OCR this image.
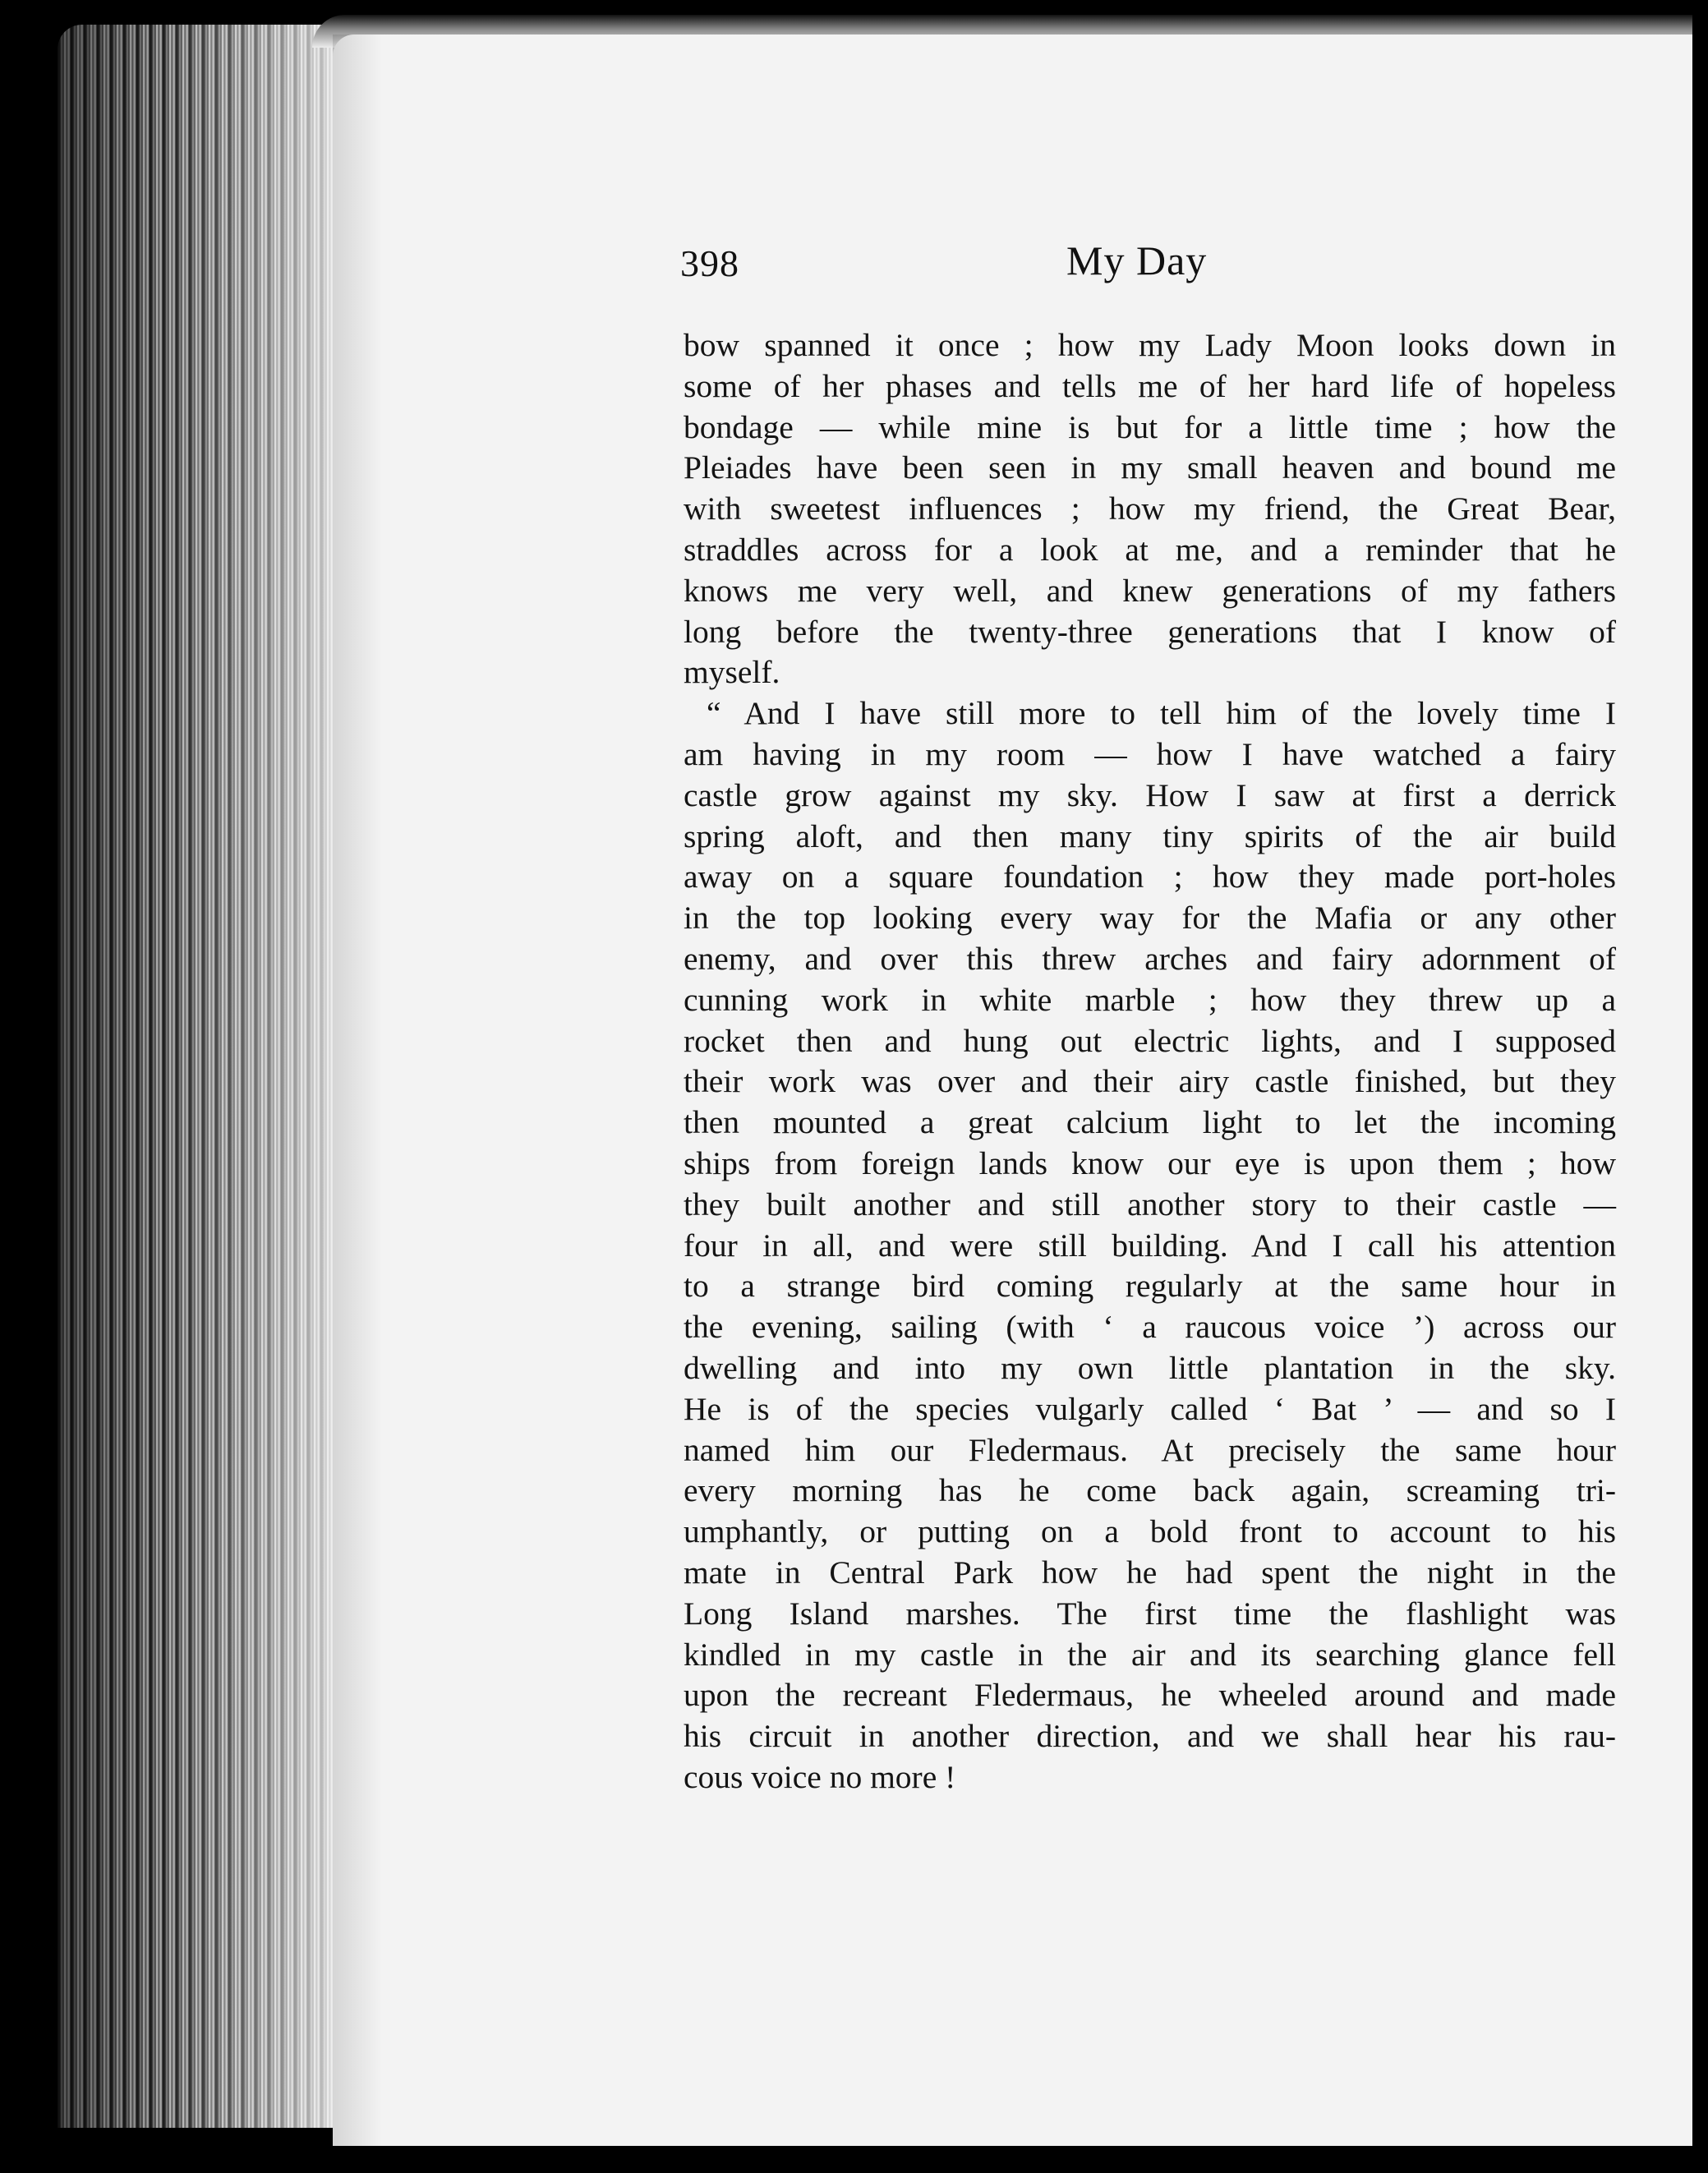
398	My Day
bow spanned it once ; how my Lady Moon looks down in
some of her phases and tells me of her hard life of hopeless
bondage — while mine is but for a little time ; how the
Pleiades have been seen in my small heaven and bound me
with sweetest influences ; how my friend, the Great Bear,
straddles across for a look at me, and a reminder that he
knows me very well, and knew generations of my fathers
long before the twenty-three generations that I know of
myself.
“ And I have still more to tell him of the lovely time I
am having in my room — how I have watched a fairy
castle grow against my sky. How I saw at first a derrick
spring aloft, and then many tiny spirits of the air build
away on a square foundation ; how they made port-holes
in the top looking every way for the Mafia or any other
enemy, and over this threw arches and fairy adornment of
cunning work in white marble ; how they threw up a
rocket then and hung out electric lights, and I supposed
their work was over and their airy castle finished, but they
then mounted a great calcium light to let the incoming
ships from foreign lands know our eye is upon them ; how
they built another and still another story to their castle —
four in all, and were still building. And I call his attention
to a strange bird coming regularly at the same hour in
the evening, sailing (with ‘ a raucous voice ’) across our
dwelling and into my own little plantation in the sky.
He is of the species vulgarly called ‘ Bat ’ — and so I
named him our Fledermaus. At precisely the same hour
every morning has he come back again, screaming tri-
umphantly, or putting on a bold front to account to his
mate in Central Park how he had spent the night in the
Long Island marshes. The first time the flashlight was
kindled in my castle in the air and its searching glance fell
upon the recreant Fledermaus, he wheeled around and made
his circuit in another direction, and we shall hear his rau-
cous voice no more !
